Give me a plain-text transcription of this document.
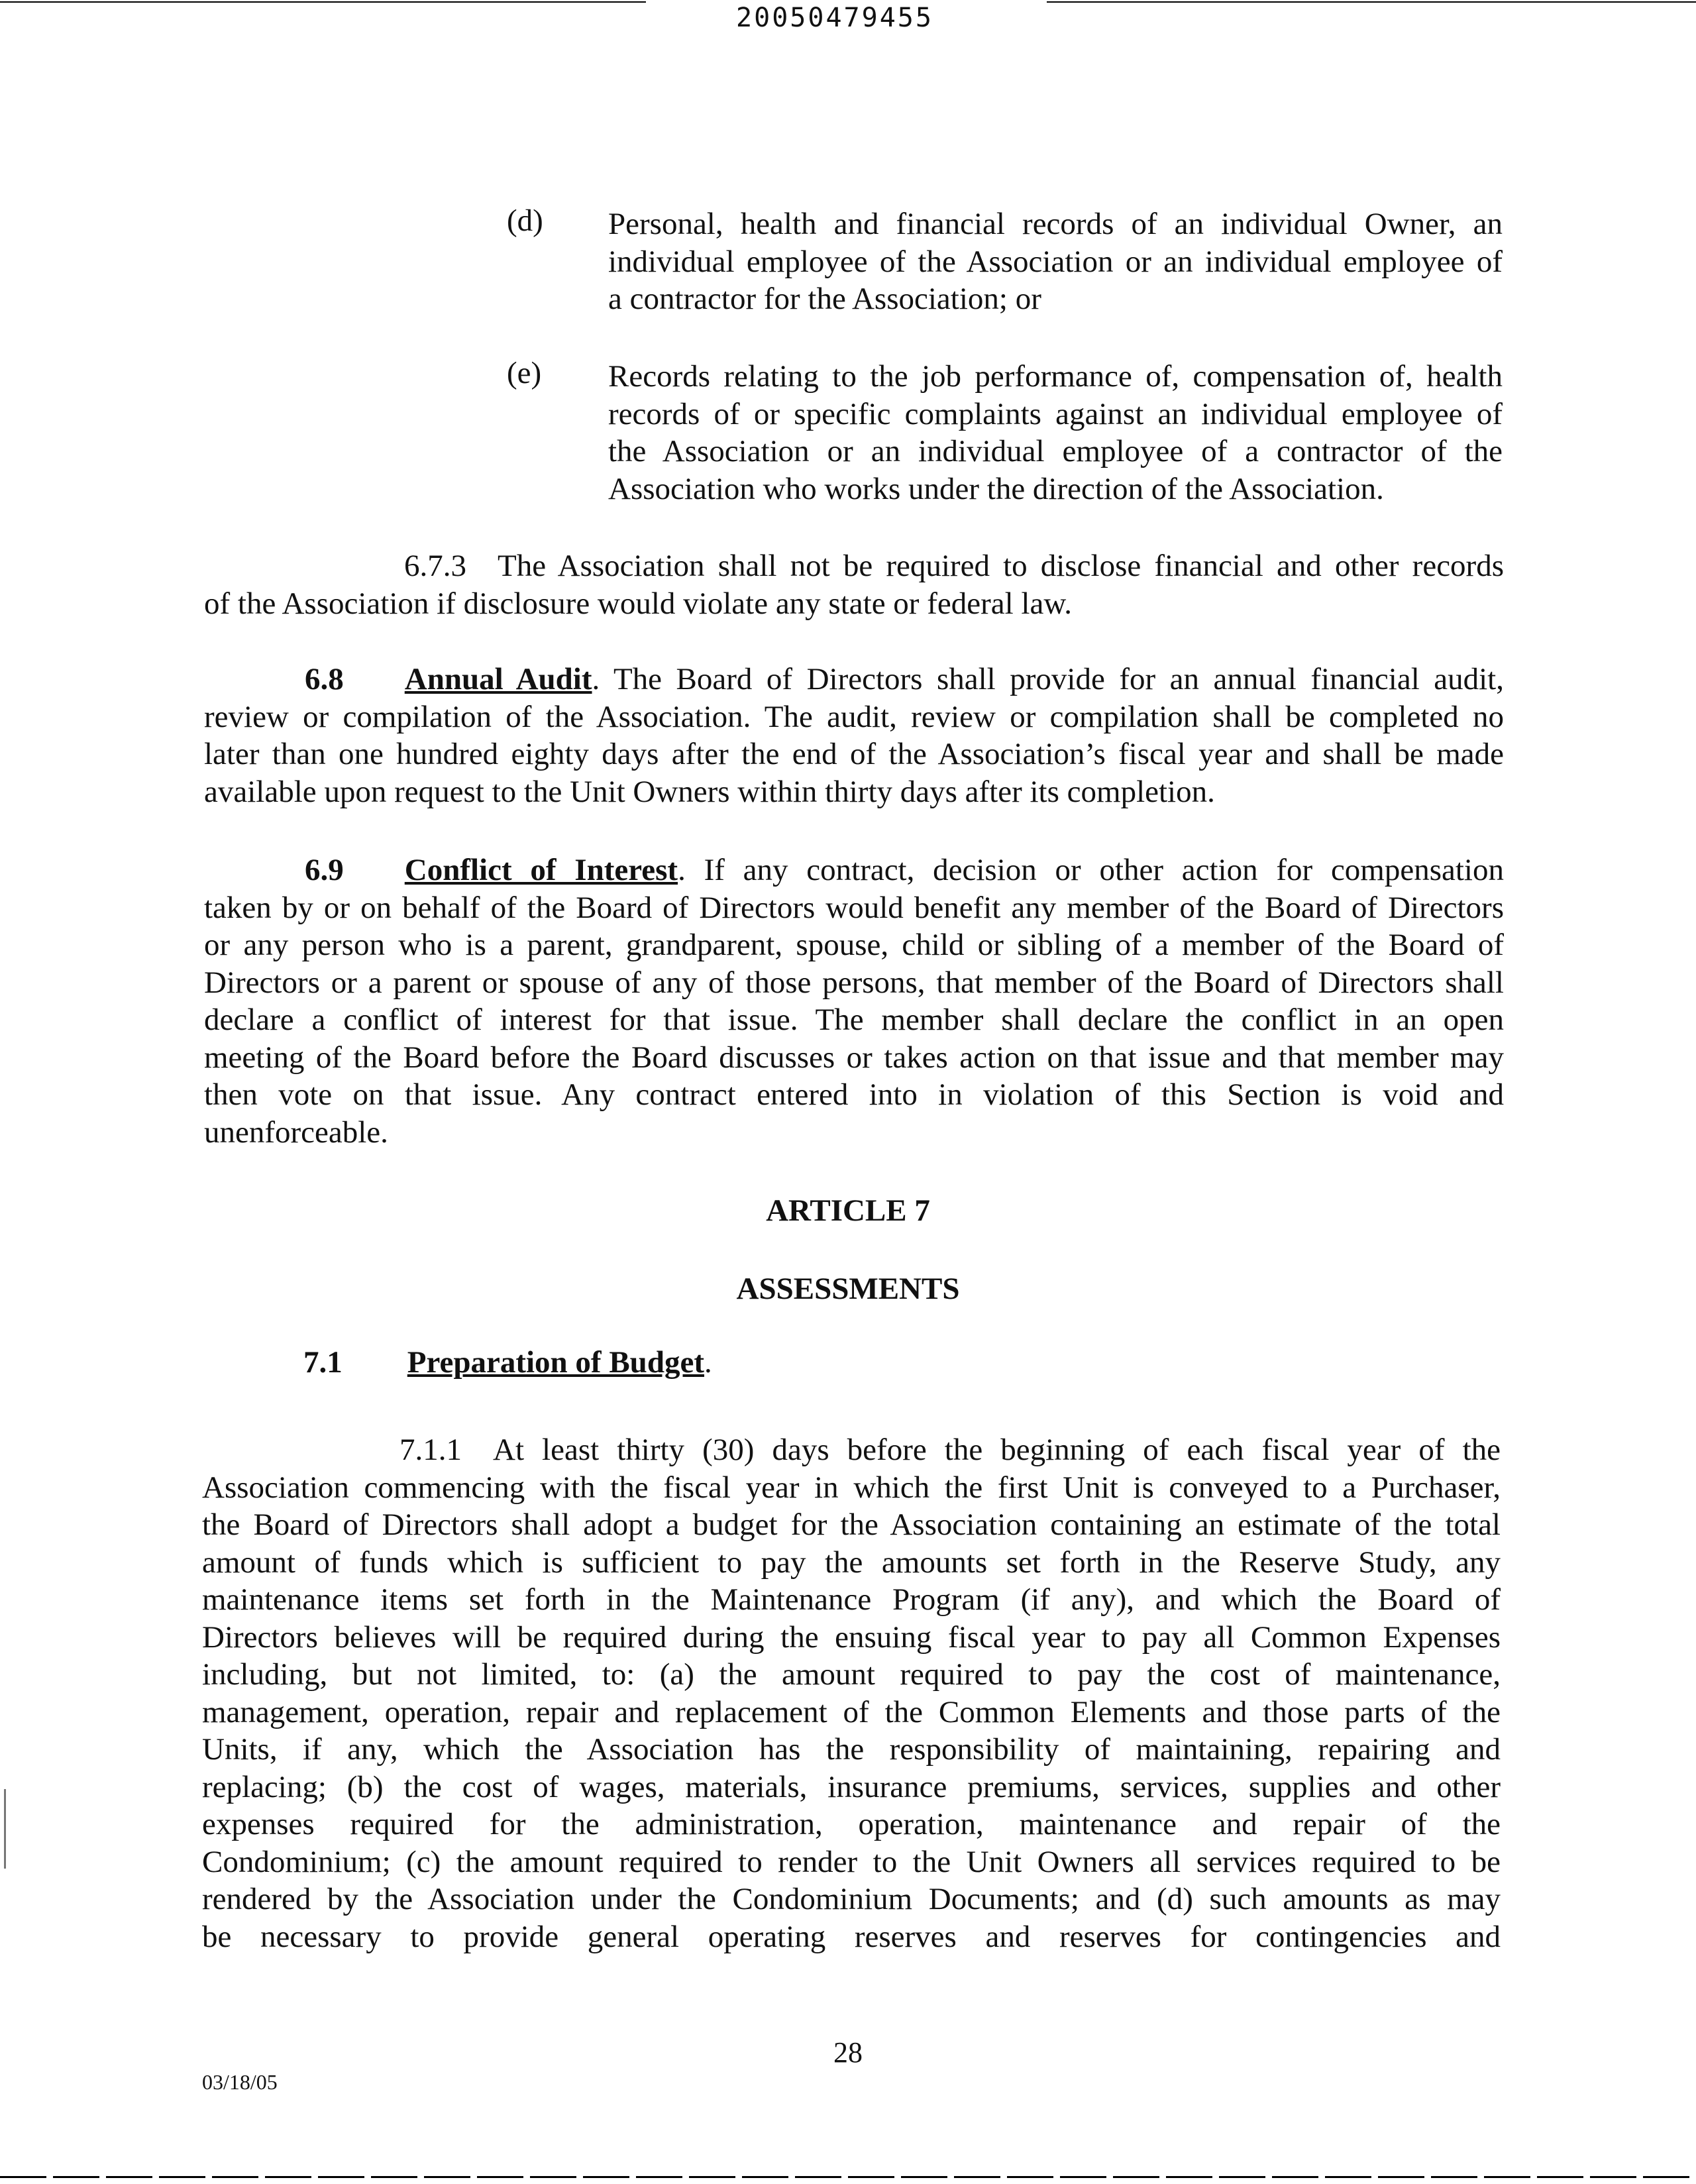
20050479455
(d) Personal, health and financial records of an individual Owner, an
individual employee of the Association or an individual employee of
a contractor for the Association; or
(e) Records relating to the job performance of, compensation of, health
records of or specific complaints against an individual employee of
the Association or an individual employee of a contractor of the
Association who works under the direction of the Association.
6.7.3 The Association shall not be required to disclose financial and other records
of the Association if disclosure would violate any state or federal law.
6.8 Annual Audit. The Board of Directors shall provide for an annual financial audit,
review or compilation of the Association. The audit, review or compilation shall be completed no
later than one hundred eighty days after the end of the Association’s fiscal year and shall be made
available upon request to the Unit Owners within thirty days after its completion.
6.9 Conflict of Interest. If any contract, decision or other action for compensation
taken by or on behalf of the Board of Directors would benefit any member of the Board of Directors
or any person who is a parent, grandparent, spouse, child or sibling of a member of the Board of
Directors or a parent or spouse of any of those persons, that member of the Board of Directors shall
declare a conflict of interest for that issue. The member shall declare the conflict in an open
meeting of the Board before the Board discusses or takes action on that issue and that member may
then vote on that issue. Any contract entered into in violation of this Section is void and
unenforceable.
ARTICLE 7
ASSESSMENTS
7.1 Preparation of Budget.
7.1.1 At least thirty (30) days before the beginning of each fiscal year of the
Association commencing with the fiscal year in which the first Unit is conveyed to a Purchaser,
the Board of Directors shall adopt a budget for the Association containing an estimate of the total
amount of funds which is sufficient to pay the amounts set forth in the Reserve Study, any
maintenance items set forth in the Maintenance Program (if any), and which the Board of
Directors believes will be required during the ensuing fiscal year to pay all Common Expenses
including, but not limited, to: (a) the amount required to pay the cost of maintenance,
management, operation, repair and replacement of the Common Elements and those parts of the
Units, if any, which the Association has the responsibility of maintaining, repairing and
replacing; (b) the cost of wages, materials, insurance premiums, services, supplies and other
expenses required for the administration, operation, maintenance and repair of the
Condominium; (c) the amount required to render to the Unit Owners all services required to be
rendered by the Association under the Condominium Documents; and (d) such amounts as may
be necessary to provide general operating reserves and reserves for contingencies and
28
03/18/05
